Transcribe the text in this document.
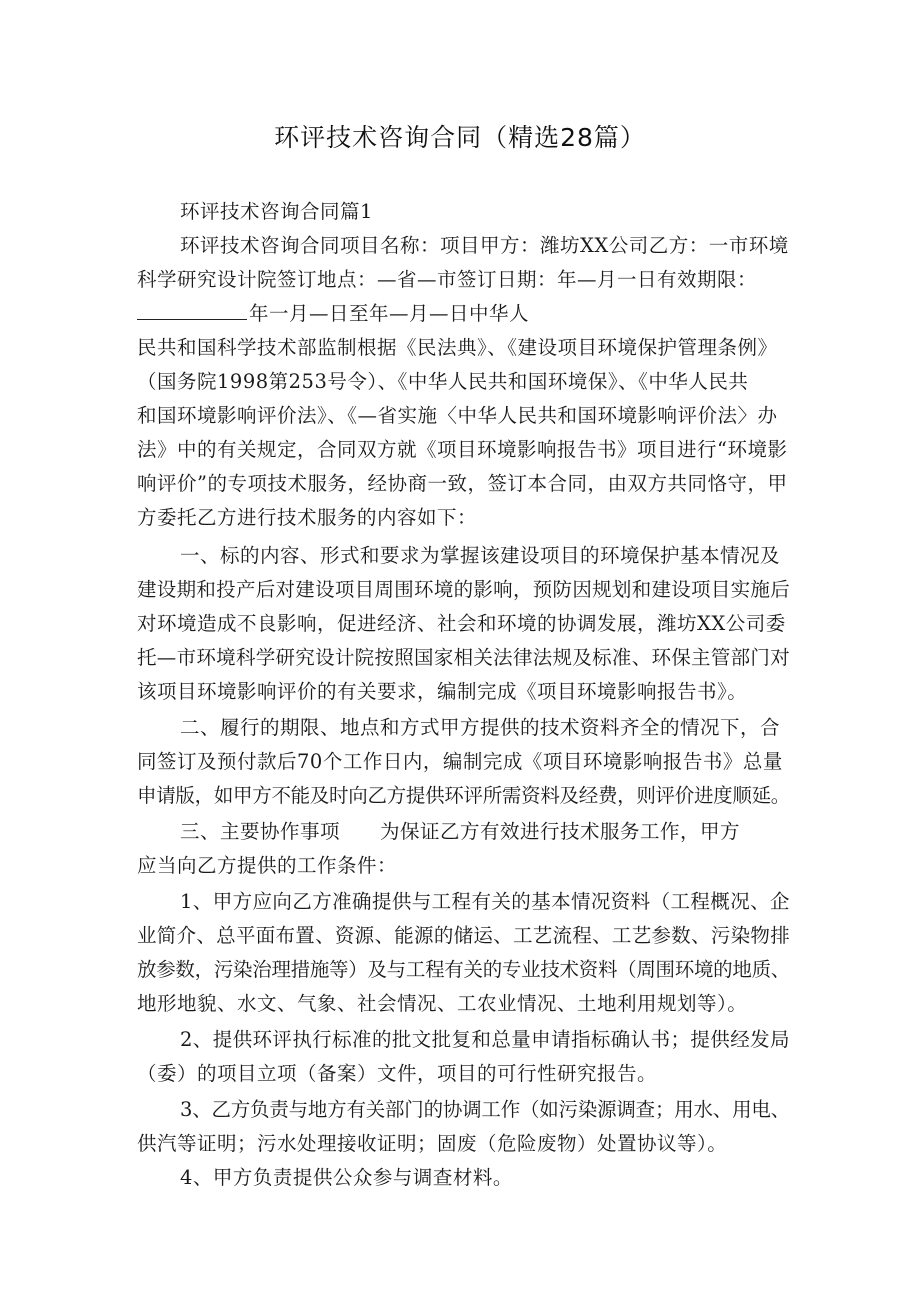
环评技术咨询合同（精选28篇）
环评技术咨询合同篇1
环评技术咨询合同项目名称：项目甲方：潍坊XX公司乙方：一市环境
科学研究设计院签订地点：—省—市签订日期：年—月一日有效期限：
年一月—日至年—月—日中华人
民共和国科学技术部监制根据《民法典》、《建设项目环境保护管理条例》
（国务院1998第253号令）、《中华人民共和国环境保》、《中华人民共
和国环境影响评价法》、《—省实施〈中华人民共和国环境影响评价法〉办
法》中的有关规定，合同双方就《项目环境影响报告书》项目进行“环境影
响评价”的专项技术服务，经协商一致，签订本合同，由双方共同恪守，甲
方委托乙方进行技术服务的内容如下：
一、标的内容、形式和要求为掌握该建设项目的环境保护基本情况及
建设期和投产后对建设项目周围环境的影响，预防因规划和建设项目实施后
对环境造成不良影响，促进经济、社会和环境的协调发展，潍坊XX公司委
托—市环境科学研究设计院按照国家相关法律法规及标准、环保主管部门对
该项目环境影响评价的有关要求，编制完成《项目环境影响报告书》。
二、履行的期限、地点和方式甲方提供的技术资料齐全的情况下，合
同签订及预付款后70个工作日内，编制完成《项目环境影响报告书》总量
申请版，如甲方不能及时向乙方提供环评所需资料及经费，则评价进度顺延。
三、主要协作事项　　为保证乙方有效进行技术服务工作，甲方
应当向乙方提供的工作条件：
1、甲方应向乙方准确提供与工程有关的基本情况资料（工程概况、企
业简介、总平面布置、资源、能源的储运、工艺流程、工艺参数、污染物排
放参数，污染治理措施等）及与工程有关的专业技术资料（周围环境的地质、
地形地貌、水文、气象、社会情况、工农业情况、土地利用规划等）。
2、提供环评执行标准的批文批复和总量申请指标确认书；提供经发局
（委）的项目立项（备案）文件，项目的可行性研究报告。
3、乙方负责与地方有关部门的协调工作（如污染源调查；用水、用电、
供汽等证明；污水处理接收证明；固废（危险废物）处置协议等）。
4、甲方负责提供公众参与调查材料。
